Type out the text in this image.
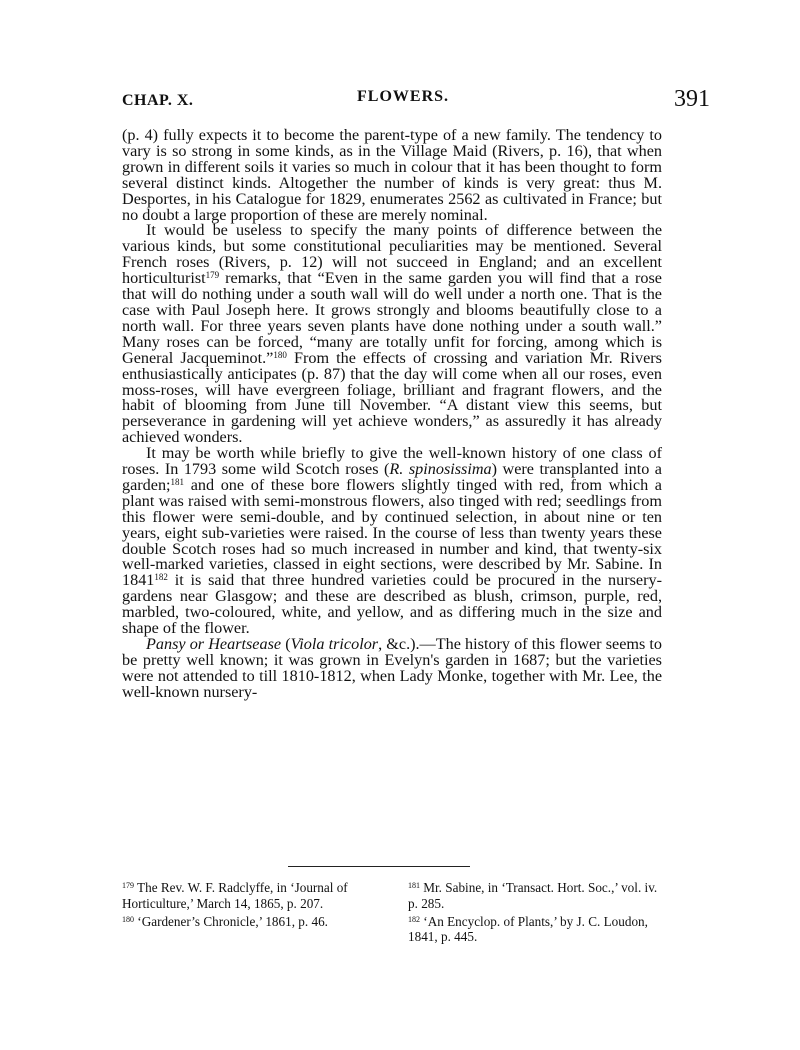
CHAP. X.	FLOWERS.	391

(p. 4) fully expects it to become the parent-type of a new family. The tendency to vary is so strong in some kinds, as in the Village Maid (Rivers, p. 16), that when grown in different soils it varies so much in colour that it has been thought to form several distinct kinds. Altogether the number of kinds is very great: thus M. Desportes, in his Catalogue for 1829, enumerates 2562 as cultivated in France; but no doubt a large proportion of these are merely nominal.

It would be useless to specify the many points of difference between the various kinds, but some constitutional peculiarities may be mentioned. Several French roses (Rivers, p. 12) will not succeed in England; and an excellent horticulturist$^{179}$ remarks, that “Even in the same garden you will find that a rose that will do nothing under a south wall will do well under a north one. That is the case with Paul Joseph here. It grows strongly and blooms beautifully close to a north wall. For three years seven plants have done nothing under a south wall.” Many roses can be forced, “many are totally unfit for forcing, among which is General Jacqueminot.”$^{180}$ From the effects of crossing and variation Mr. Rivers enthusiastically anticipates (p. 87) that the day will come when all our roses, even moss-roses, will have evergreen foliage, brilliant and fragrant flowers, and the habit of blooming from June till November. “A distant view this seems, but perseverance in gardening will yet achieve wonders,” as assuredly it has already achieved wonders.

It may be worth while briefly to give the well-known history of one class of roses. In 1793 some wild Scotch roses (R. spinosissima) were transplanted into a garden;$^{181}$ and one of these bore flowers slightly tinged with red, from which a plant was raised with semi-monstrous flowers, also tinged with red; seedlings from this flower were semi-double, and by continued selection, in about nine or ten years, eight sub-varieties were raised. In the course of less than twenty years these double Scotch roses had so much increased in number and kind, that twenty-six well-marked varieties, classed in eight sections, were described by Mr. Sabine. In 1841$^{182}$ it is said that three hundred varieties could be procured in the nursery-gardens near Glasgow; and these are described as blush, crimson, purple, red, marbled, two-coloured, white, and yellow, and as differing much in the size and shape of the flower.

Pansy or Heartsease (Viola tricolor, &c.).—The history of this flower seems to be pretty well known; it was grown in Evelyn's garden in 1687; but the varieties were not attended to till 1810-1812, when Lady Monke, together with Mr. Lee, the well-known nursery-

$^{179}$ The Rev. W. F. Radclyffe, in ‘Journal of Horticulture,’ March 14, 1865, p. 207.

$^{180}$ ‘Gardener’s Chronicle,’ 1861, p. 46.

$^{181}$ Mr. Sabine, in ‘Transact. Hort. Soc.,’ vol. iv. p. 285.

$^{182}$ ‘An Encyclop. of Plants,’ by J. C. Loudon, 1841, p. 445.
